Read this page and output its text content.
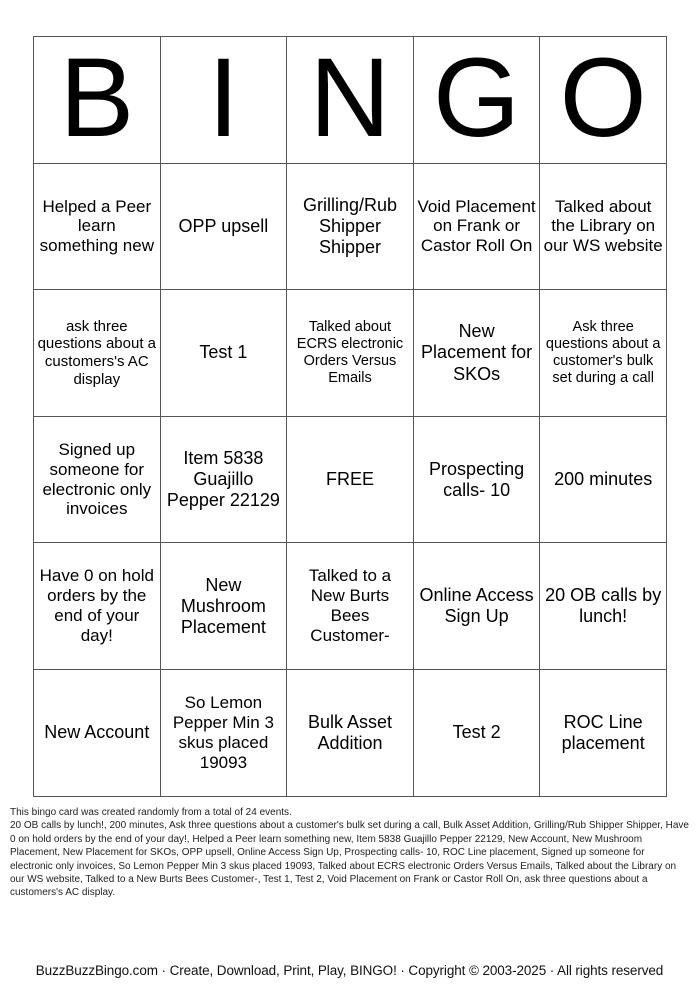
B	I	N	G	O
Helped a Peer learn something new	OPP upsell	Grilling/Rub Shipper Shipper	Void Placement on Frank or Castor Roll On	Talked about the Library on our WS website
ask three questions about a customers's AC display	Test 1	Talked about ECRS electronic Orders Versus Emails	New Placement for SKOs	Ask three questions about a customer's bulk set during a call
Signed up someone for electronic only invoices	Item 5838 Guajillo Pepper 22129	FREE	Prospecting calls- 10	200 minutes
Have 0 on hold orders by the end of your day!	New Mushroom Placement	Talked to a New Burts Bees Customer-	Online Access Sign Up	20 OB calls by lunch!
New Account	So Lemon Pepper Min 3 skus placed 19093	Bulk Asset Addition	Test 2	ROC Line placement

This bingo card was created randomly from a total of 24 events.

20 OB calls by lunch!, 200 minutes, Ask three questions about a customer's bulk set during a call, Bulk Asset Addition, Grilling/Rub Shipper Shipper, Have 0 on hold orders by the end of your day!, Helped a Peer learn something new, Item 5838 Guajillo Pepper 22129, New Account, New Mushroom Placement, New Placement for SKOs, OPP upsell, Online Access Sign Up, Prospecting calls- 10, ROC Line placement, Signed up someone for electronic only invoices, So Lemon Pepper Min 3 skus placed 19093, Talked about ECRS electronic Orders Versus Emails, Talked about the Library on our WS website, Talked to a New Burts Bees Customer-, Test 1, Test 2, Void Placement on Frank or Castor Roll On, ask three questions about a customers's AC display.

BuzzBuzzBingo.com · Create, Download, Print, Play, BINGO! · Copyright © 2003-2025 · All rights reserved
